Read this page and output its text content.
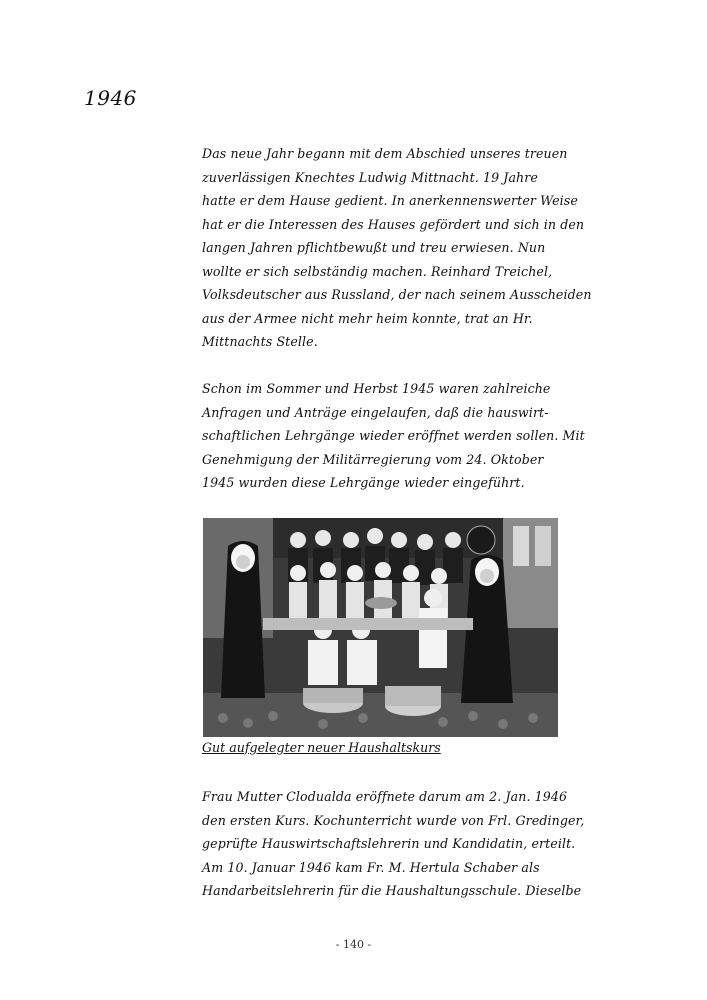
1946
Das neue Jahr begann mit dem Abschied unseres treuen
zuverlässigen Knechtes Ludwig Mittnacht. 19 Jahre
hatte er dem Hause gedient. In anerkennenswerter Weise
hat er die Interessen des Hauses gefördert und sich in den
langen Jahren pflichtbewußt und treu erwiesen. Nun
wollte er sich selbständig machen. Reinhard Treichel,
Volksdeutscher aus Russland, der nach seinem Ausscheiden
aus der Armee nicht mehr heim konnte, trat an Hr.
Mittnachts Stelle.
Schon im Sommer und Herbst 1945 waren zahlreiche
Anfragen und Anträge eingelaufen, daß die hauswirt-
schaftlichen Lehrgänge wieder eröffnet werden sollen. Mit
Genehmigung der Militärregierung vom 24. Oktober
1945 wurden diese Lehrgänge wieder eingeführt.
Gut aufgelegter neuer Haushaltskurs
Frau Mutter Clodualda eröffnete darum am 2. Jan. 1946
den ersten Kurs. Kochunterricht wurde von Frl. Gredinger,
geprüfte Hauswirtschaftslehrerin und Kandidatin, erteilt.
Am 10. Januar 1946 kam Fr. M. Hertula Schaber als
Handarbeitslehrerin für die Haushaltungsschule. Dieselbe
- 140 -
